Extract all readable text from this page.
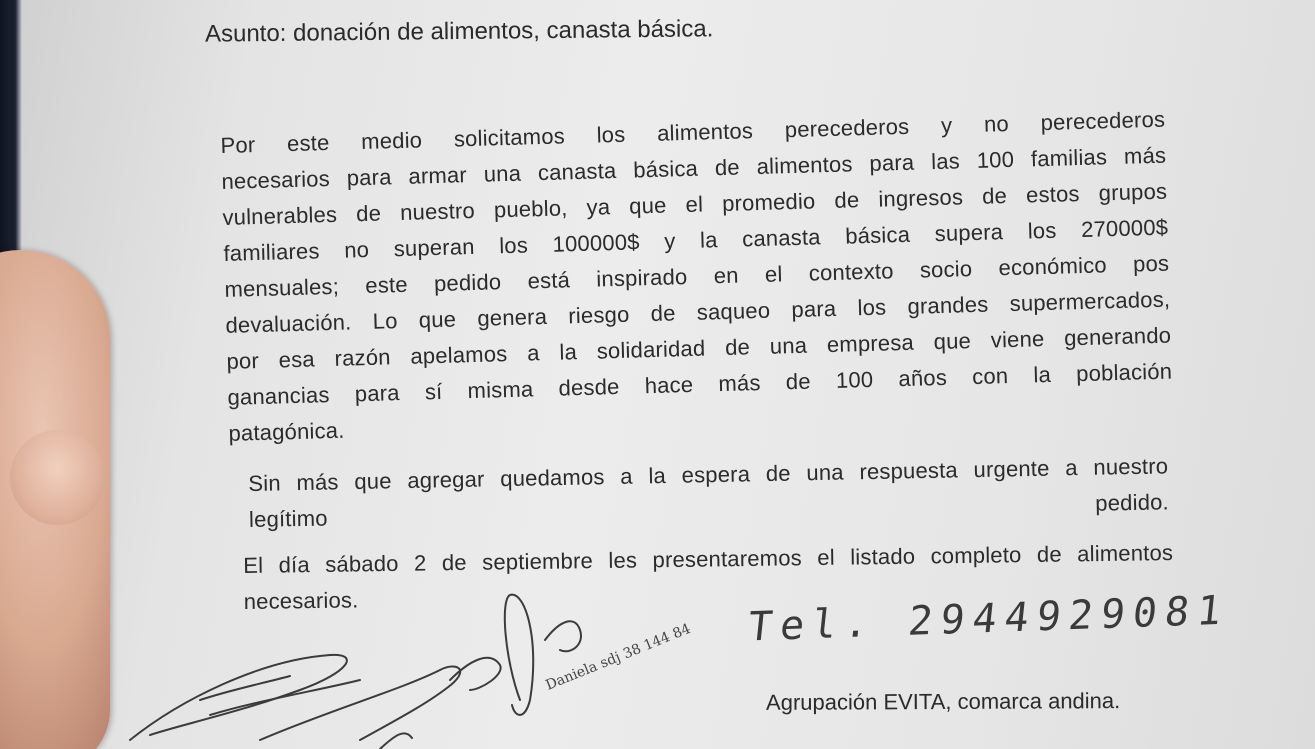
Asunto: donación de alimentos, canasta básica.
Por este medio solicitamos los alimentos perecederos y no perecederos
necesarios para armar una canasta básica de alimentos para las 100 familias más
vulnerables de nuestro pueblo, ya que el promedio de ingresos de estos grupos
familiares no superan los 100000$ y la canasta básica supera los 270000$
mensuales; este pedido está inspirado en el contexto socio económico pos
devaluación. Lo que genera riesgo de saqueo para los grandes supermercados,
por esa razón apelamos a la solidaridad de una empresa que viene generando
ganancias para sí misma desde hace más de 100 años con la población
patagónica.
Sin más que agregar quedamos a la espera de una respuesta urgente a nuestro
legítimo pedido.
El día sábado 2 de septiembre les presentaremos el listado completo de alimentos
necesarios.	Tel. 2944929081
Daniela sdj 38 144 84
Agrupación EVITA, comarca andina.
